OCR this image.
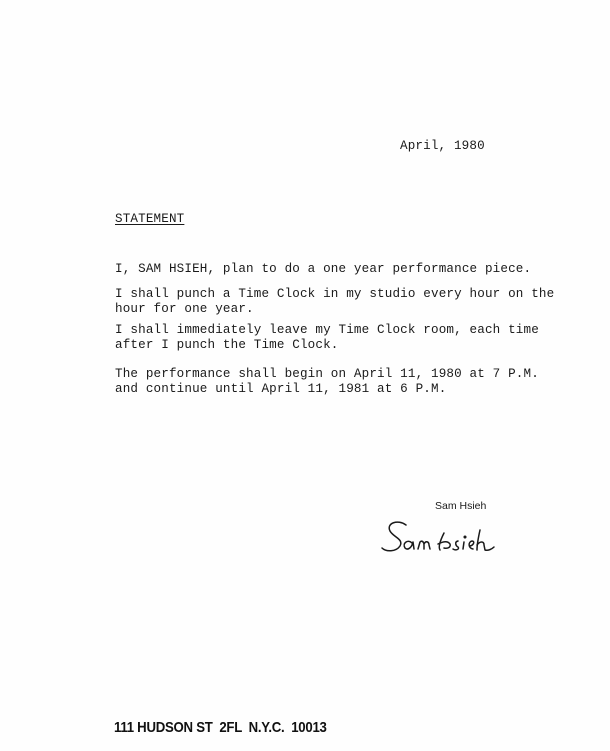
April, 1980
STATEMENT
I, SAM HSIEH, plan to do a one year performance piece.
I shall punch a Time Clock in my studio every hour on the
hour for one year.
I shall immediately leave my Time Clock room, each time
after I punch the Time Clock.
The performance shall begin on April 11, 1980 at 7 P.M.
and continue until April 11, 1981 at 6 P.M.
Sam Hsieh
111 HUDSON ST  2FL  N.Y.C.  10013
